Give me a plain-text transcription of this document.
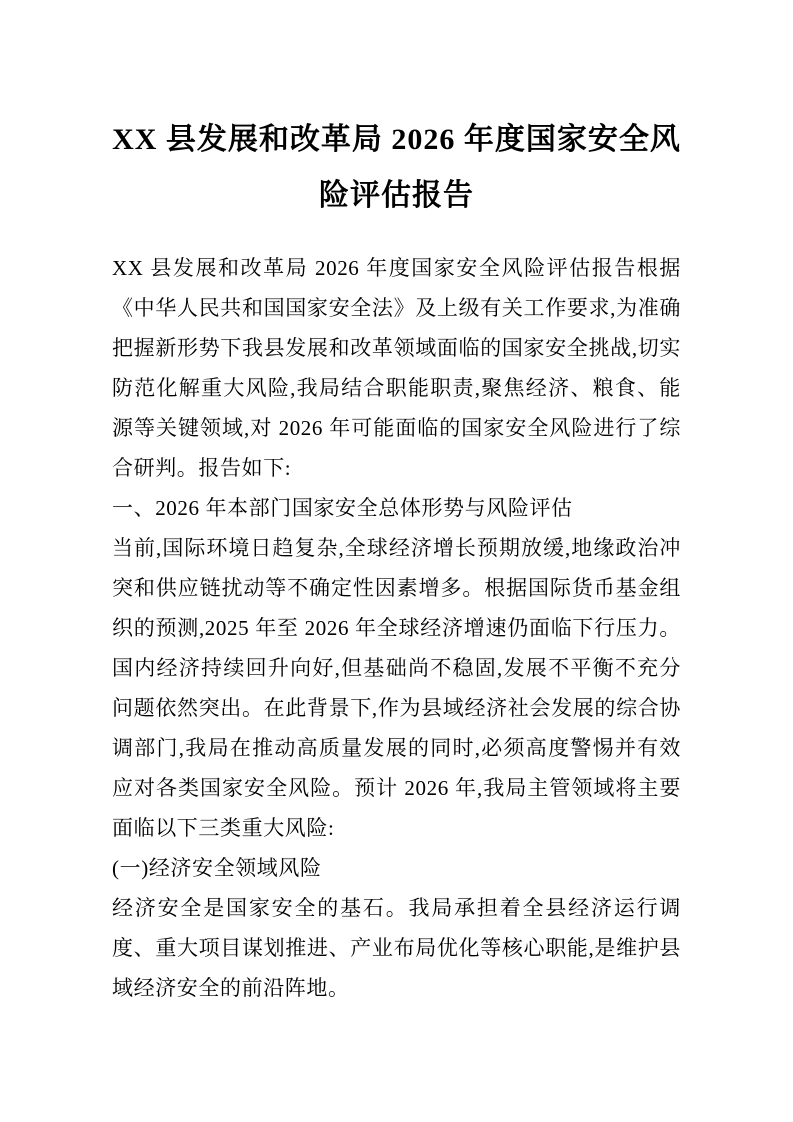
XX 县发展和改革局 2026 年度国家安全风险评估报告

XX 县发展和改革局 2026 年度国家安全风险评估报告根据《中华人民共和国国家安全法》及上级有关工作要求,为准确把握新形势下我县发展和改革领域面临的国家安全挑战,切实防范化解重大风险,我局结合职能职责,聚焦经济、粮食、能源等关键领域,对 2026 年可能面临的国家安全风险进行了综合研判。报告如下:

一、2026 年本部门国家安全总体形势与风险评估

当前,国际环境日趋复杂,全球经济增长预期放缓,地缘政治冲突和供应链扰动等不确定性因素增多。根据国际货币基金组织的预测,2025 年至 2026 年全球经济增速仍面临下行压力。国内经济持续回升向好,但基础尚不稳固,发展不平衡不充分问题依然突出。在此背景下,作为县域经济社会发展的综合协调部门,我局在推动高质量发展的同时,必须高度警惕并有效应对各类国家安全风险。预计 2026 年,我局主管领域将主要面临以下三类重大风险:

(一)经济安全领域风险

经济安全是国家安全的基石。我局承担着全县经济运行调度、重大项目谋划推进、产业布局优化等核心职能,是维护县域经济安全的前沿阵地。
